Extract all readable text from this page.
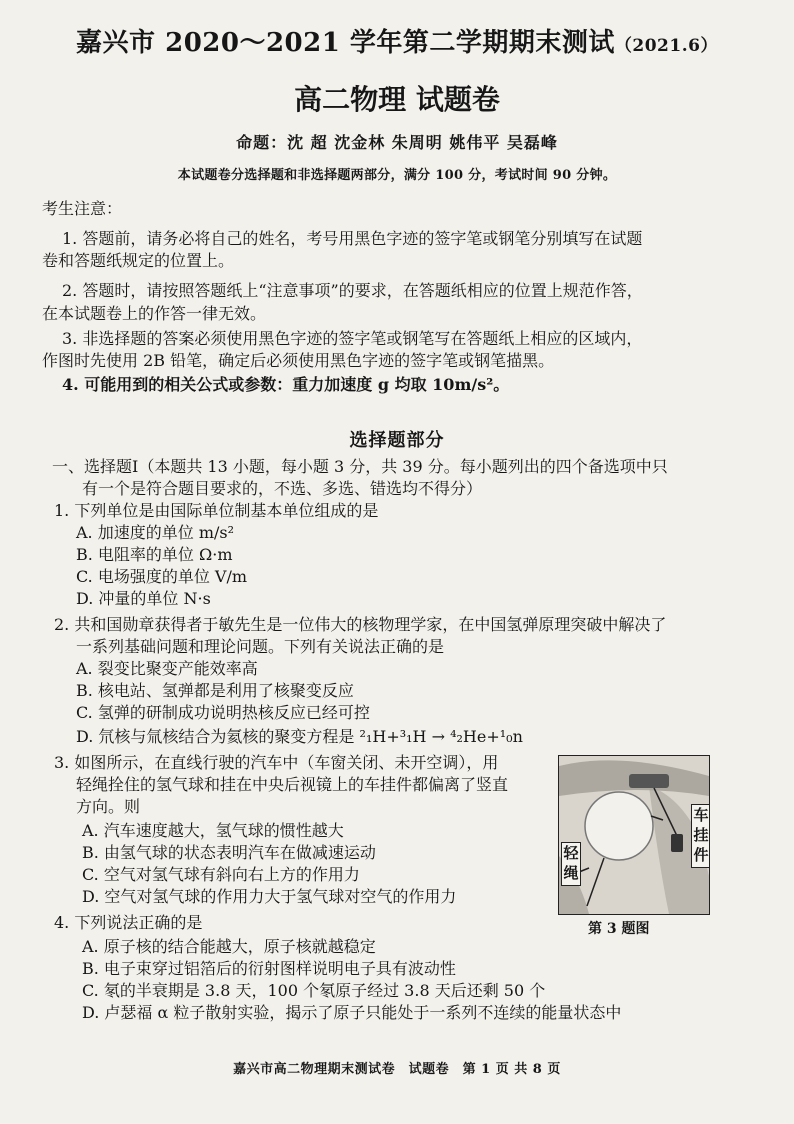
嘉兴市 2020～2021 学年第二学期期末测试（2021.6）
高二物理 试题卷
命题：沈 超 沈金林 朱周明 姚伟平 吴磊峰
本试题卷分选择题和非选择题两部分，满分 100 分，考试时间 90 分钟。
考生注意：
1. 答题前，请务必将自己的姓名，考号用黑色字迹的签字笔或钢笔分别填写在试题
卷和答题纸规定的位置上。
2. 答题时，请按照答题纸上“注意事项”的要求，在答题纸相应的位置上规范作答，
在本试题卷上的作答一律无效。
3. 非选择题的答案必须使用黑色字迹的签字笔或钢笔写在答题纸上相应的区域内，
作图时先使用 2B 铅笔，确定后必须使用黑色字迹的签字笔或钢笔描黑。
4. 可能用到的相关公式或参数：重力加速度 g 均取 10m/s²。
选择题部分
一、选择题Ⅰ（本题共 13 小题，每小题 3 分，共 39 分。每小题列出的四个备选项中只
有一个是符合题目要求的，不选、多选、错选均不得分）
1. 下列单位是由国际单位制基本单位组成的是
A. 加速度的单位 m/s²
B. 电阻率的单位 Ω·m
C. 电场强度的单位 V/m
D. 冲量的单位 N·s
2. 共和国勋章获得者于敏先生是一位伟大的核物理学家，在中国氢弹原理突破中解决了
一系列基础问题和理论问题。下列有关说法正确的是
A. 裂变比聚变产能效率高
B. 核电站、氢弹都是利用了核聚变反应
C. 氢弹的研制成功说明热核反应已经可控
D. 氘核与氚核结合为氦核的聚变方程是 ²₁H+³₁H → ⁴₂He+¹₀n
3. 如图所示，在直线行驶的汽车中（车窗关闭、未开空调），用
轻绳拴住的氢气球和挂在中央后视镜上的车挂件都偏离了竖直
方向。则
A. 汽车速度越大，氢气球的惯性越大
B. 由氢气球的状态表明汽车在做减速运动
C. 空气对氢气球有斜向右上方的作用力
D. 空气对氢气球的作用力大于氢气球对空气的作用力
车
挂
件
轻
绳
第 3 题图
4. 下列说法正确的是
A. 原子核的结合能越大，原子核就越稳定
B. 电子束穿过铝箔后的衍射图样说明电子具有波动性
C. 氡的半衰期是 3.8 天，100 个氡原子经过 3.8 天后还剩 50 个
D. 卢瑟福 α 粒子散射实验，揭示了原子只能处于一系列不连续的能量状态中
嘉兴市高二物理期末测试卷　试题卷　第 1 页 共 8 页
